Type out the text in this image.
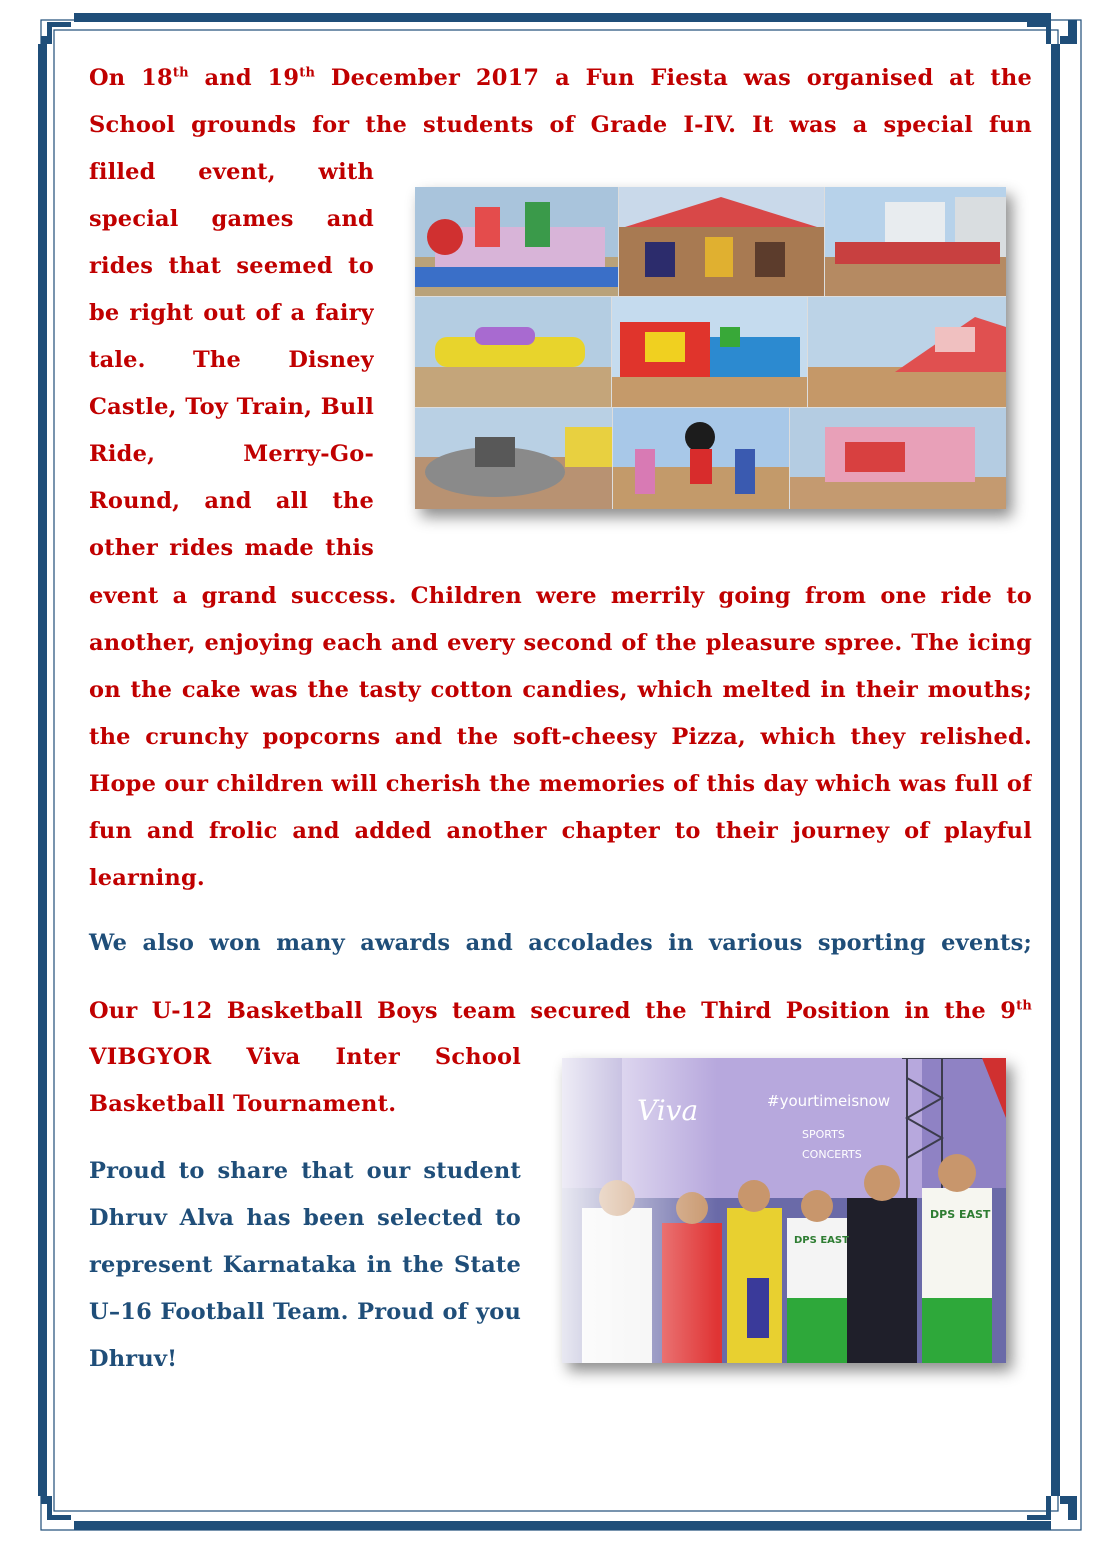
On 18th and 19th December 2017 a Fun Fiesta was organised at the School grounds for the students of Grade I-IV. It was a special fun

filled event, with special games and rides that seemed to be right out of a fairy tale. The Disney Castle, Toy Train, Bull Ride, Merry-Go-Round, and all the other rides made this

event a grand success. Children were merrily going from one ride to another, enjoying each and every second of the pleasure spree. The icing on the cake was the tasty cotton candies, which melted in their mouths; the crunchy popcorns and the soft-cheesy Pizza, which they relished. Hope our children will cherish the memories of this day which was full of fun and frolic and added another chapter to their journey of playful learning.

We also won many awards and accolades in various sporting events;

Our U-12 Basketball Boys team secured the Third Position in the 9th

VIBGYOR Viva Inter School Basketball Tournament.

Proud to share that our student Dhruv Alva has been selected to represent Karnataka in the State U–16 Football Team. Proud of you Dhruv!
